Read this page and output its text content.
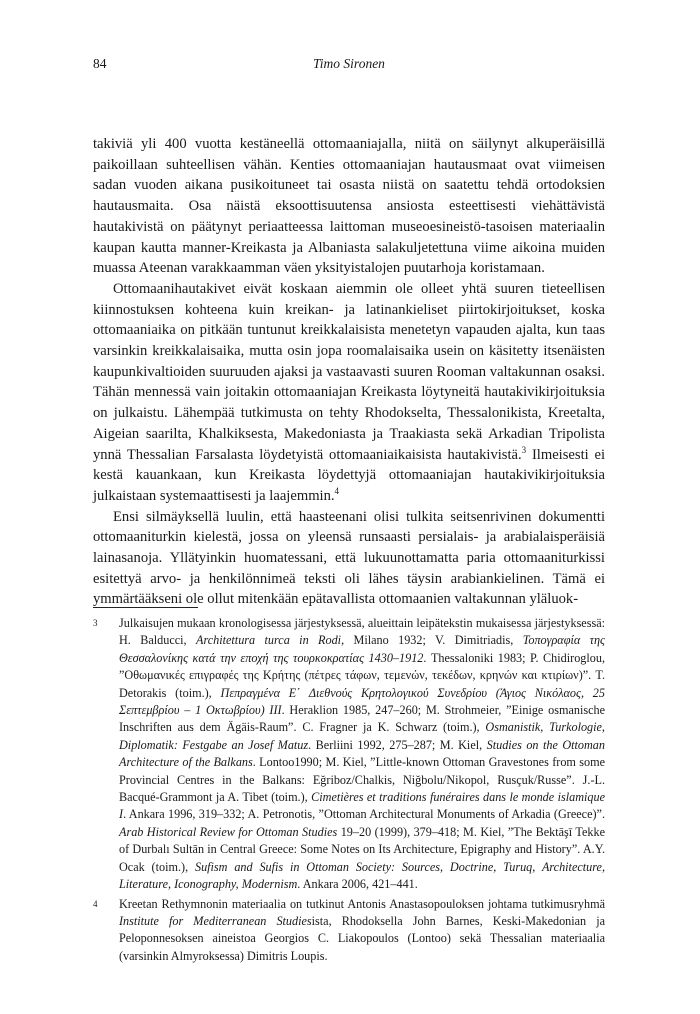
84	Timo Sironen

takiviä yli 400 vuotta kestäneellä ottomaaniajalla, niitä on säilynyt alkuperäisillä paikoillaan suhteellisen vähän. Kenties ottomaaniajan hautausmaat ovat viimeisen sadan vuoden aikana pusikoituneet tai osasta niistä on saatettu tehdä ortodoksien hautausmaita. Osa näistä eksoottisuutensa ansiosta esteettisesti viehättävistä hautakivistä on päätynyt periaatteessa laittoman museoesineistö-tasoisen materiaalin kaupan kautta manner-Kreikasta ja Albaniasta salakuljetettuna viime aikoina muiden muassa Ateenan varakkaamman väen yksityistalojen puutarhoja koristamaan.

Ottomaanihautakivet eivät koskaan aiemmin ole olleet yhtä suuren tieteellisen kiinnostuksen kohteena kuin kreikan- ja latinankieliset piirtokirjoitukset, koska ottomaaniaika on pitkään tuntunut kreikkalaisista menetetyn vapauden ajalta, kun taas varsinkin kreikkalaisaika, mutta osin jopa roomalaisaika usein on käsitetty itsenäisten kaupunkivaltioiden suuruuden ajaksi ja vastaavasti suuren Rooman valtakunnan osaksi. Tähän mennessä vain joitakin ottomaaniajan Kreikasta löytyneitä hautakivikirjoituksia on julkaistu. Lähempää tutkimusta on tehty Rhodokselta, Thessalonikista, Kreetalta, Aigeian saarilta, Khalkiksesta, Makedoniasta ja Traakiasta sekä Arkadian Tripolista ynnä Thessalian Farsalasta löydetyistä ottomaaniaikaisista hautakivistä.$^3$ Ilmeisesti ei kestä kauankaan, kun Kreikasta löydettyjä ottomaaniajan hautakivikirjoituksia julkaistaan systemaattisesti ja laajemmin.$^4$

Ensi silmäyksellä luulin, että haasteenani olisi tulkita seitsenrivinen dokumentti ottomaaniturkin kielestä, jossa on yleensä runsaasti persialais- ja arabialaisperäisiä lainasanoja. Yllätyinkin huomatessani, että lukuunottamatta paria ottomaaniturkissi esitettyä arvo- ja henkilönnimeä teksti oli lähes täysin arabiankielinen. Tämä ei ymmärtääkseni ole ollut mitenkään epätavallista ottomaanien valtakunnan yläluok-

3 Julkaisujen mukaan kronologisessa järjestyksessä, alueittain leipätekstin mukaisessa järjestyksessä: H. Balducci, Architettura turca in Rodi, Milano 1932; V. Dimitriadis, Τοπογραφία της Θεσσαλονίκης κατά την εποχή της τουρκοκρατίας 1430–1912. Thessaloniki 1983; P. Chidiroglou, ”Οθωμανικές επιγραφές της Κρήτης (πέτρες τάφων, τεμενών, τεκέδων, κρηνών και κτιρίων)”. T. Detorakis (toim.), Πεπραγμένα Ε΄ Διεθνούς Κρητολογικού Συνεδρίου (Άγιος Νικόλαος, 25 Σεπτεμβρίου – 1 Οκτωβρίου) ΙΙΙ. Heraklion 1985, 247–260; M. Strohmeier, ”Einige osmanische Inschriften aus dem Ägäis-Raum”. C. Fragner ja K. Schwarz (toim.), Osmanistik, Turkologie, Diplomatik: Festgabe an Josef Matuz. Berliini 1992, 275–287; M. Kiel, Studies on the Ottoman Architecture of the Balkans. Lontoo1990; M. Kiel, ”Little-known Ottoman Gravestones from some Provincial Centres in the Balkans: Eğriboz/Chalkis, Niğbolu/Nikopol, Rusçuk/Russe”. J.-L. Bacqué-Grammont ja A. Tibet (toim.), Cimetières et traditions funéraires dans le monde islamique I. Ankara 1996, 319–332; A. Petronotis, ”Ottoman Architectural Monuments of Arkadia (Greece)”. Arab Historical Review for Ottoman Studies 19–20 (1999), 379–418; M. Kiel, ”The Bektāşī Tekke of Durbalı Sultān in Central Greece: Some Notes on Its Architecture, Epigraphy and History”. A.Y. Ocak (toim.), Sufism and Sufis in Ottoman Society: Sources, Doctrine, Turuq, Architecture, Literature, Iconography, Modernism. Ankara 2006, 421–441.
4 Kreetan Rethymnonin materiaalia on tutkinut Antonis Anastasopouloksen johtama tutkimusryhmä Institute for Mediterranean Studiesista, Rhodoksella John Barnes, Keski-Makedonian ja Peloponnesoksen aineistoa Georgios C. Liakopoulos (Lontoo) sekä Thessalian materiaalia (varsinkin Almyroksessa) Dimitris Loupis.
